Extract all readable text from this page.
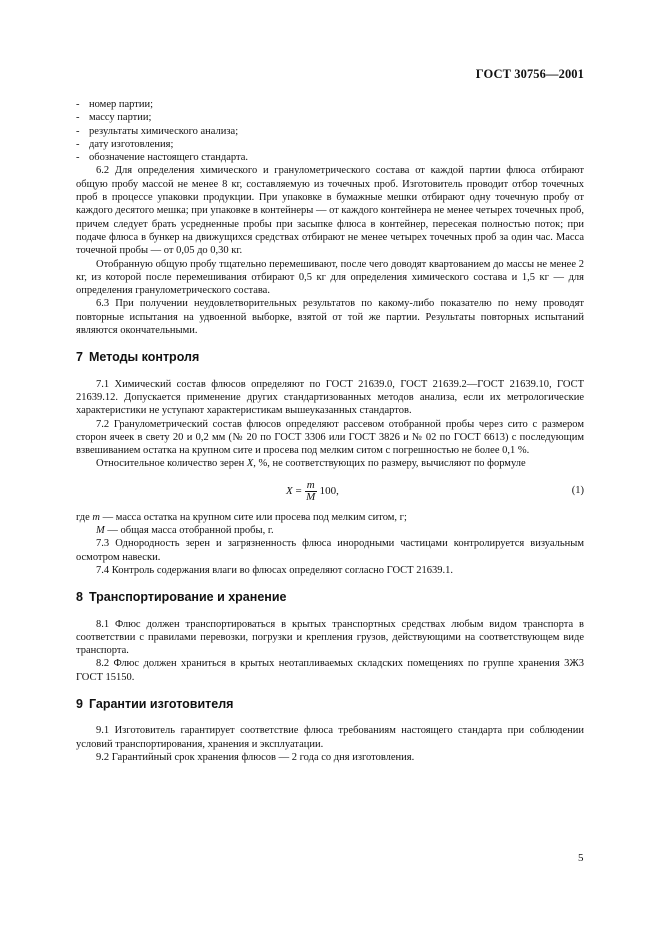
ГОСТ 30756—2001
- номер партии;
- массу партии;
- результаты химического анализа;
- дату изготовления;
- обозначение настоящего стандарта.

6.2 Для определения химического и гранулометрического состава от каждой партии флюса отбирают общую пробу массой не менее 8 кг, составляемую из точечных проб. Изготовитель проводит отбор точечных проб в процессе упаковки продукции. При упаковке в бумажные мешки отбирают одну точечную пробу от каждого десятого мешка; при упаковке в контейнеры — от каждого контейнера не менее четырех точечных проб, причем следует брать усредненные пробы при засыпке флюса в контейнер, пересекая полностью поток; при подаче флюса в бункер на движущихся средствах отбирают не менее четырех точечных проб за один час. Масса точечной пробы — от 0,05 до 0,30 кг.

Отобранную общую пробу тщательно перемешивают, после чего доводят квартованием до массы не менее 2 кг, из которой после перемешивания отбирают 0,5 кг для определения химического состава и 1,5 кг — для определения гранулометрического состава.

6.3 При получении неудовлетворительных результатов по какому-либо показателю по нему проводят повторные испытания на удвоенной выборке, взятой от той же партии. Результаты повторных испытаний являются окончательными.

7 Методы контроля

7.1 Химический состав флюсов определяют по ГОСТ 21639.0, ГОСТ 21639.2—ГОСТ 21639.10, ГОСТ 21639.12. Допускается применение других стандартизованных методов анализа, если их метрологические характеристики не уступают характеристикам вышеуказанных стандартов.

7.2 Гранулометрический состав флюсов определяют рассевом отобранной пробы через сито с размером сторон ячеек в свету 20 и 0,2 мм (№ 20 по ГОСТ 3306 или ГОСТ 3826 и № 02 по ГОСТ 6613) с последующим взвешиванием остатка на крупном сите и просева под мелким ситом с погрешностью не более 0,1 %.

Относительное количество зерен X, %, не соответствующих по размеру, вычисляют по формуле

X
= $\frac{m}{M} 100$,	(1)

где m — масса остатка на крупном сите или просева под мелким ситом, г;

M — общая масса отобранной пробы, г.

7.3 Однородность зерен и загрязненность флюса инородными частицами контролируется визуальным осмотром навески.

7.4 Контроль содержания влаги во флюсах определяют согласно ГОСТ 21639.1.

8 Транспортирование и хранение

8.1 Флюс должен транспортироваться в крытых транспортных средствах любым видом транспорта в соответствии с правилами перевозки, погрузки и крепления грузов, действующими на соответствующем виде транспорта.

8.2 Флюс должен храниться в крытых неотапливаемых складских помещениях по группе хранения 3Ж3 ГОСТ 15150.

9 Гарантии изготовителя

9.1 Изготовитель гарантирует соответствие флюса требованиям настоящего стандарта при соблюдении условий транспортирования, хранения и эксплуатации.

9.2 Гарантийный срок хранения флюсов — 2 года со дня изготовления.

5
